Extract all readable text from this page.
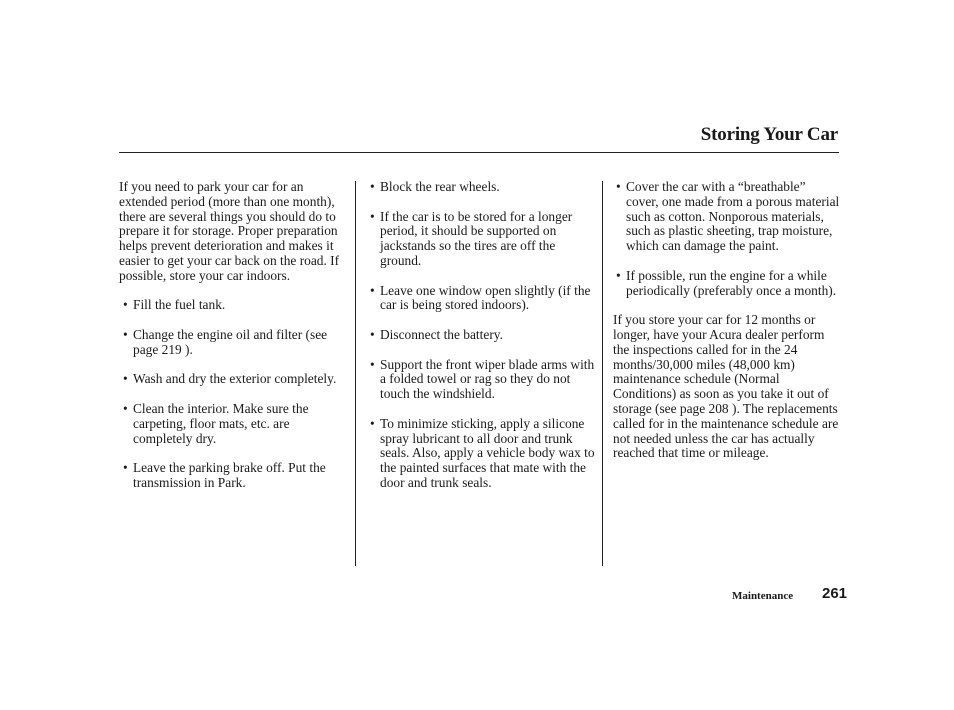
Storing Your Car

If you need to park your car for an extended period (more than one month), there are several things you should do to prepare it for storage. Proper preparation helps prevent deterioration and makes it easier to get your car back on the road. If possible, store your car indoors.

• Fill the fuel tank.
• Change the engine oil and filter (see page 219 ).
• Wash and dry the exterior completely.
• Clean the interior. Make sure the carpeting, floor mats, etc. are completely dry.
• Leave the parking brake off. Put the transmission in Park.
• Block the rear wheels.
• If the car is to be stored for a longer period, it should be supported on jackstands so the tires are off the ground.
• Leave one window open slightly (if the car is being stored indoors).
• Disconnect the battery.
• Support the front wiper blade arms with a folded towel or rag so they do not touch the windshield.
• To minimize sticking, apply a silicone spray lubricant to all door and trunk seals. Also, apply a vehicle body wax to the painted surfaces that mate with the door and trunk seals.
• Cover the car with a “breathable” cover, one made from a porous material such as cotton. Nonporous materials, such as plastic sheeting, trap moisture, which can damage the paint.
• If possible, run the engine for a while periodically (preferably once a month).

If you store your car for 12 months or longer, have your Acura dealer perform the inspections called for in the 24 months/30,000 miles (48,000 km) maintenance schedule (Normal Conditions) as soon as you take it out of storage (see page 208 ). The replacements called for in the maintenance schedule are not needed unless the car has actually reached that time or mileage.

Maintenance 261
